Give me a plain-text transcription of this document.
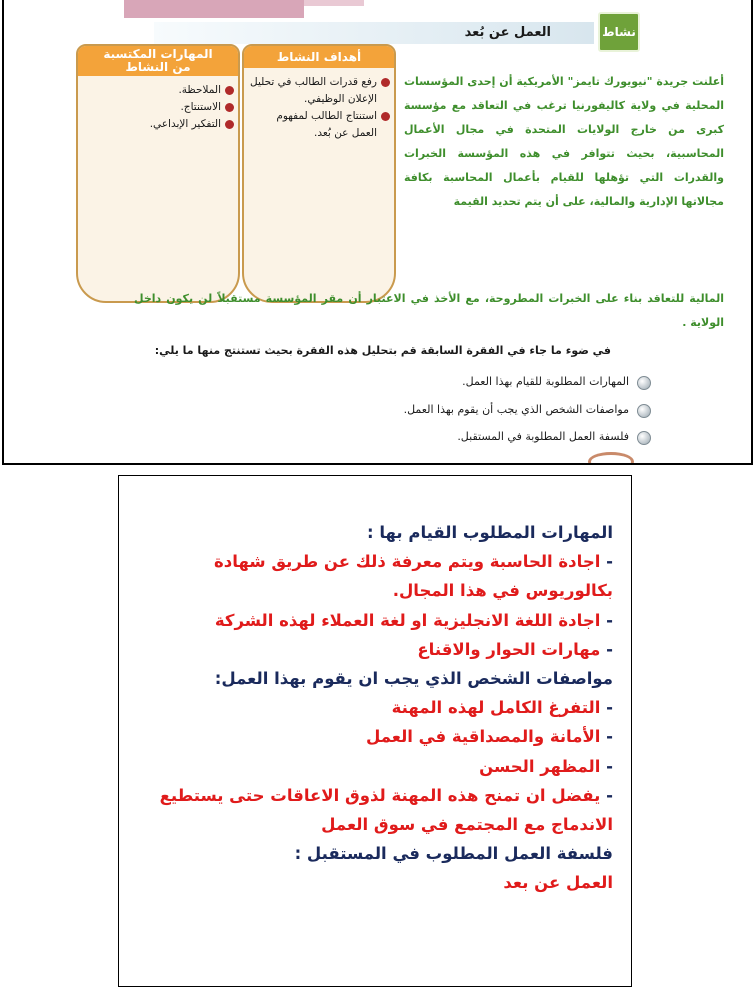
العمل عن بُعد	نشاط
المهارات المكتسبة
من النشاط
الملاحظة.
الاستنتاج.
التفكير الإبداعي.
أهداف النشاط
رفع قدرات الطالب في تحليل الإعلان الوظيفي.
استنتاج الطالب لمفهوم العمل عن بُعد.
أعلنت جريدة "نيويورك تايمز" الأمريكية أن إحدى المؤسسات المحلية في ولاية كاليفورنيا ترغب في التعاقد مع مؤسسة كبرى من خارج الولايات المتحدة في مجال الأعمال المحاسبية، بحيث تتوافر في هذه المؤسسة الخبرات والقدرات التي تؤهلها للقيام بأعمال المحاسبة بكافة مجالاتها الإدارية والمالية، على أن يتم تحديد القيمة
المالية للتعاقد بناء على الخبرات المطروحة، مع الأخذ في الاعتبار أن مقر المؤسسة مستقبلاً لن يكون داخل الولاية .
في ضوء ما جاء في الفقرة السابقة قم بتحليل هذه الفقرة بحيث تستنتج منها ما يلي:
المهارات المطلوبة للقيام بهذا العمل.
مواصفات الشخص الذي يجب أن يقوم بهذا العمل.
فلسفة العمل المطلوبة في المستقبل.
المهارات المطلوب القيام بها :
- اجادة الحاسبة ويتم معرفة ذلك عن طريق شهادة بكالوريوس في هذا المجال.
- اجادة اللغة الانجليزية او لغة العملاء لهذه الشركة
- مهارات الحوار والاقناع
مواصفات الشخص الذي يجب ان يقوم بهذا العمل:
- التفرغ الكامل لهذه المهنة
- الأمانة والمصداقية في العمل
- المظهر الحسن
- يفضل ان تمنح هذه المهنة لذوق الاعاقات حتى يستطيع الاندماج مع المجتمع في سوق العمل
فلسفة العمل المطلوب في المستقبل :
العمل عن بعد
